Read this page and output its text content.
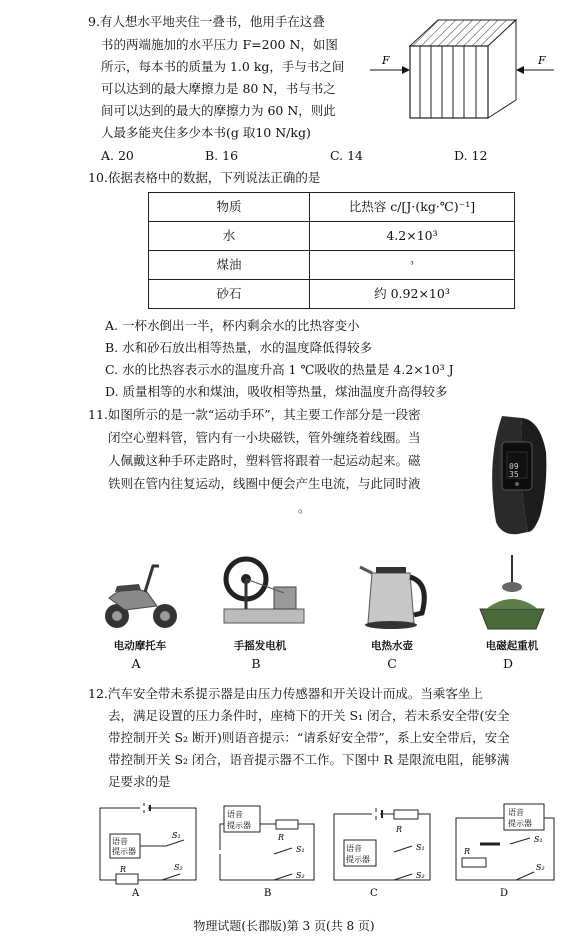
9.有人想水平地夹住一叠书，他用手在这叠
书的两端施加的水平压力 F=200 N，如图
所示，每本书的质量为 1.0 kg，手与书之间
可以达到的最大摩擦力是 80 N，书与书之
间可以达到的最大的摩擦力为 60 N，则此
人最多能夹住多少本书(g 取10 N/kg)
A. 20	B. 16	C. 14	D. 12
F	F
10.依据表格中的数据，下列说法正确的是
物质	比热容 c/[J·(kg·℃)⁻¹]
水	4.2×10³
煤油	³
砂石	约 0.92×10³
A. 一杯水倒出一半，杯内剩余水的比热容变小
B. 水和砂石放出相等热量，水的温度降低得较多
C. 水的比热容表示水的温度升高 1 ℃吸收的热量是 4.2×10³ J
D. 质量相等的水和煤油，吸收相等热量，煤油温度升高得较多
11.如图所示的是一款“运动手环”，其主要工作部分是一段密
闭空心塑料管，管内有一小块磁铁，管外缠绕着线圈。当
人佩戴这种手环走路时，塑料管将跟着一起运动起来。磁
铁则在管内往复运动，线圈中便会产生电流，与此同时液
。
09
35
电动摩托车	手摇发电机	电热水壶	电磁起重机
A	B	C	D
12.汽车安全带未系提示器是由压力传感器和开关设计而成。当乘客坐上
去，满足设置的压力条件时，座椅下的开关 S₁ 闭合，若未系安全带(安全
带控制开关 S₂ 断开)则语音提示：“请系好安全带”，系上安全带后，安全
带控制开关 S₂ 闭合，语音提示器不工作。下图中 R 是限流电阻，能够满
足要求的是
语音
提示器
S₁
R	S₂
A
语音
提示器
R
S₁
S₂
B
语音
提示器
R
S₁
S₂
C
语音
提示器
S₁
R
S₂
D
物理试题(长郡版)第 3 页(共 8 页)
